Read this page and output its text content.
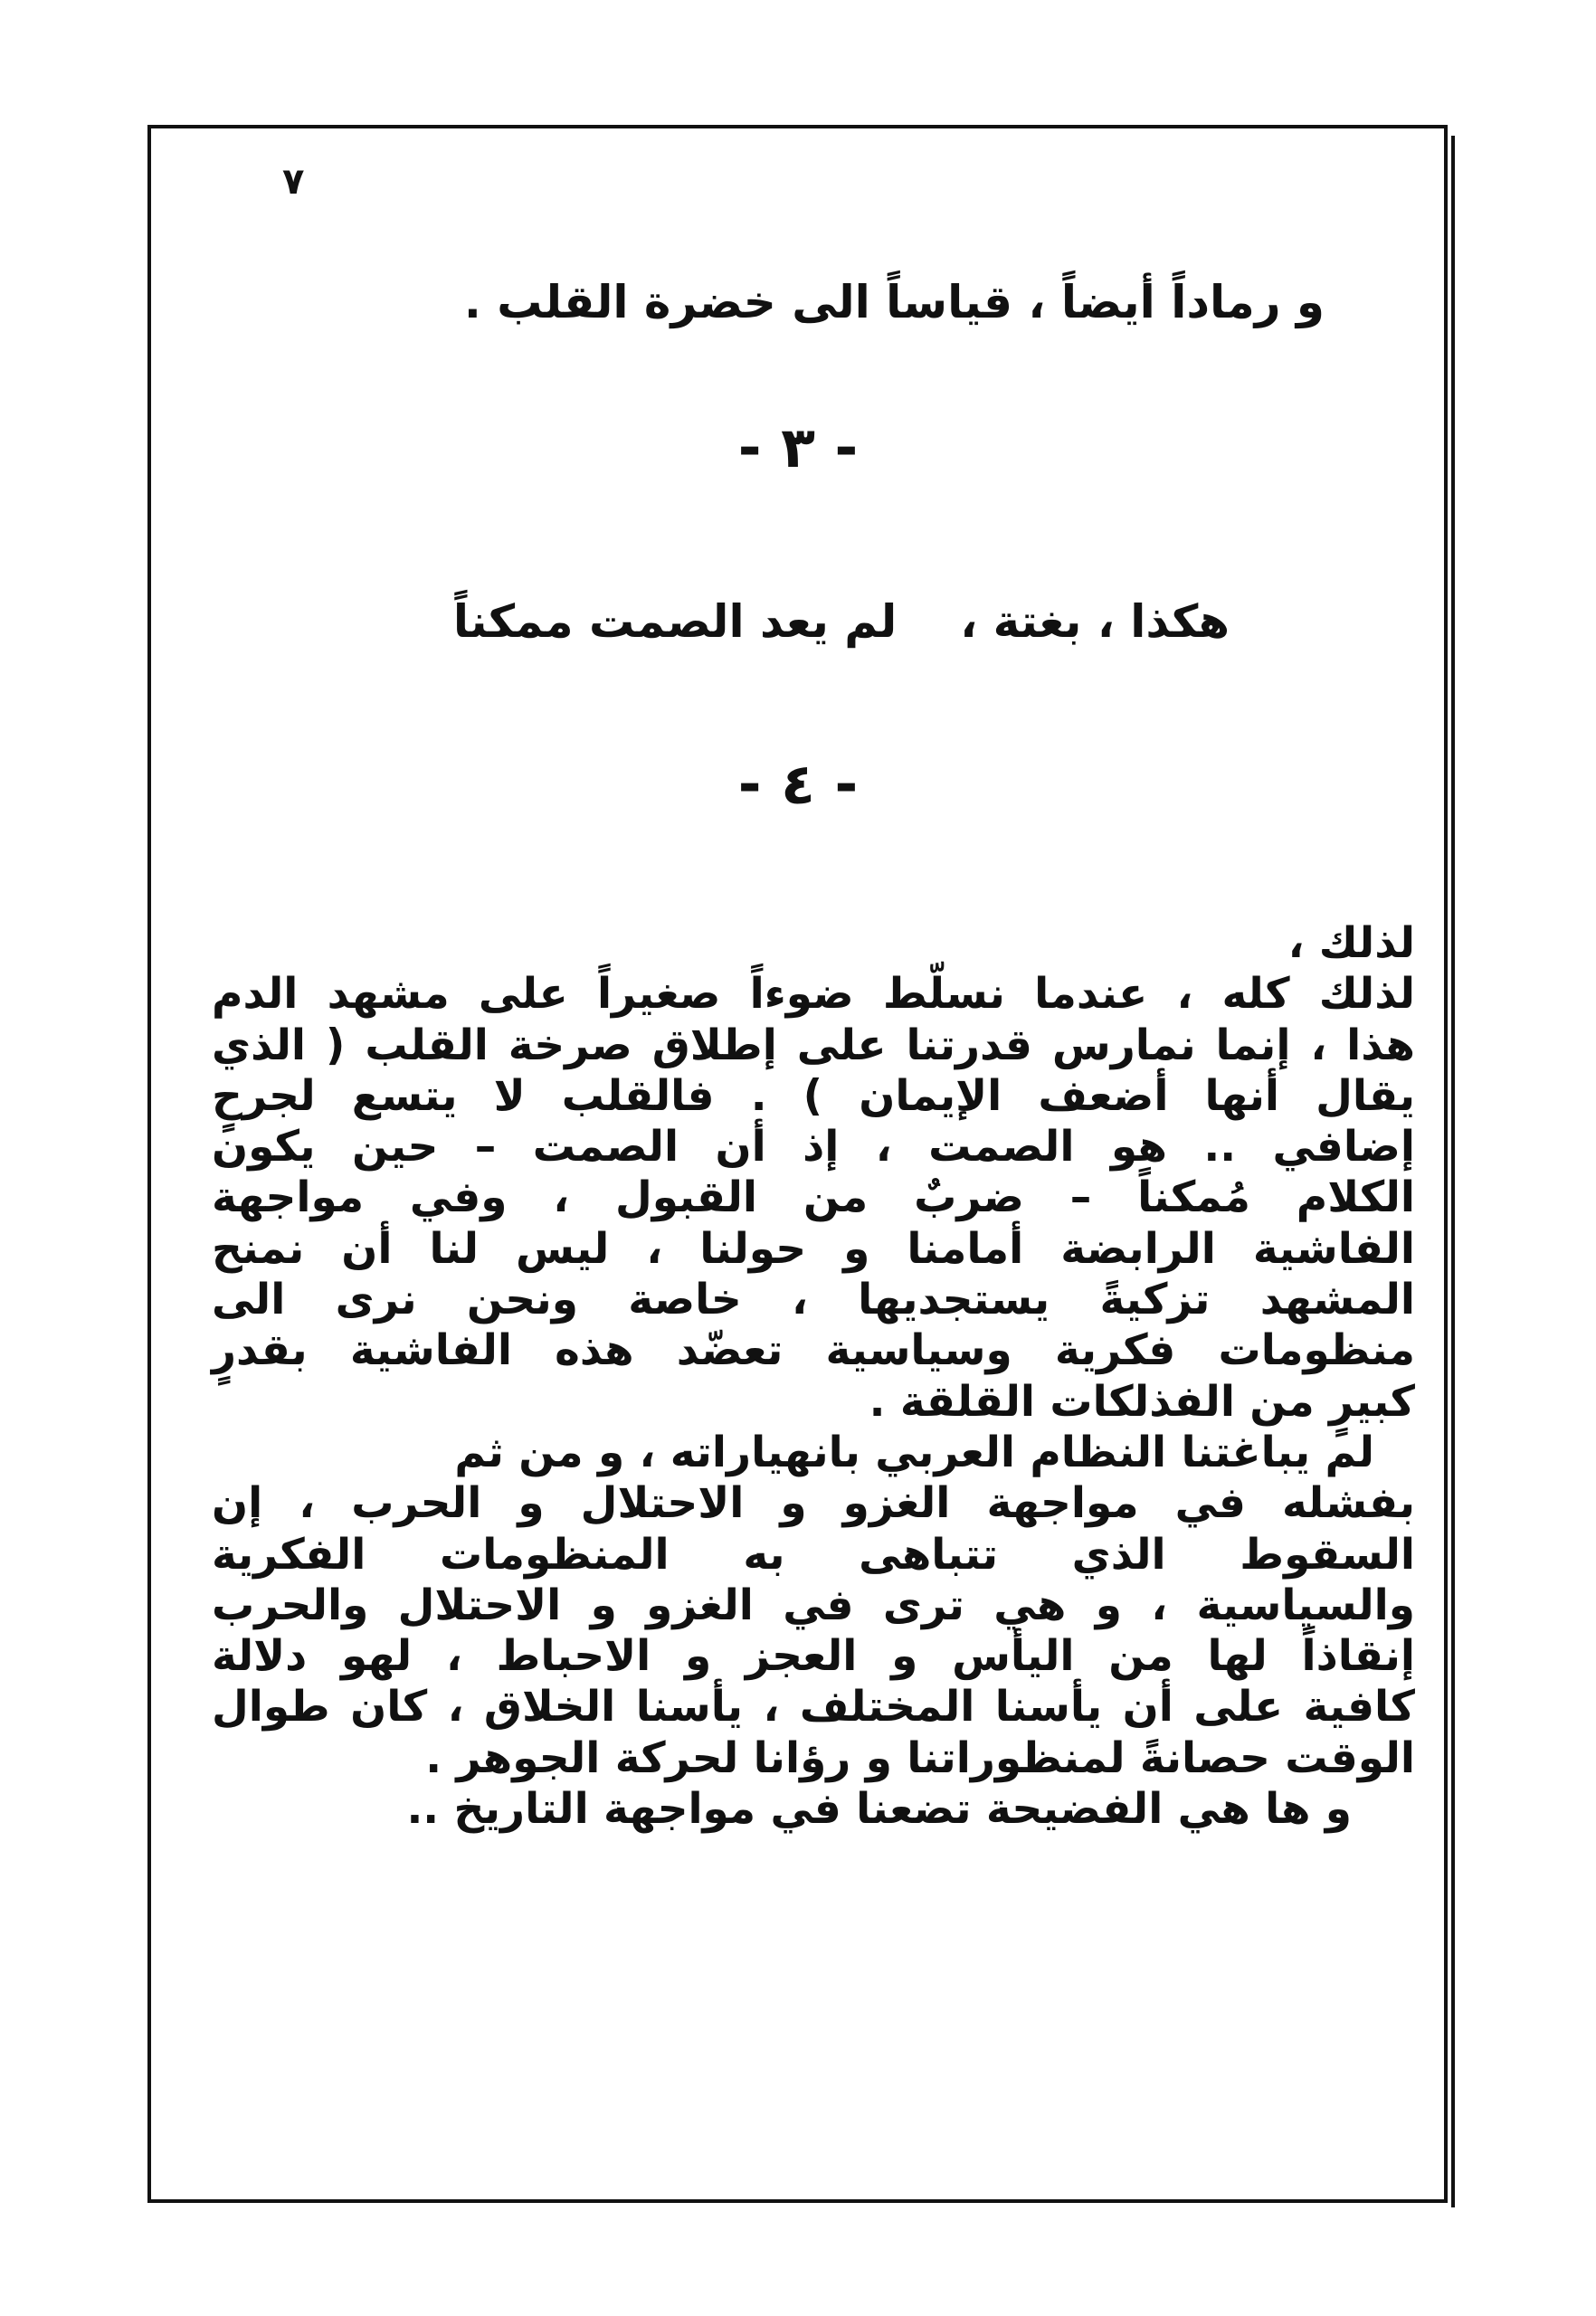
٧
و رماداً أيضاً ، قياساً الى خضرة القلب .
- ٣ -
هكذا ، بغتة ،لم يعد الصمت ممكناً
- ٤ -
لذلك ،
لذلك كله ، عندما نسلّط ضوءاً صغيراً على مشهد الدم
هذا ، إنما نمارس قدرتنا على إطلاق صرخة القلب ( الذي
يقال أنها أضعف الإيمان ) . فالقلب لا يتسع لجرحٍ
إضافي .. هو الصمت ، إذ أن الصمت – حين يكون
الكلام مُمكناً – ضربٌ من القبول ، وفي مواجهة
الفاشية الرابضة أمامنا و حولنا ، ليس لنا أن نمنح
المشهد تزكيةً يستجديها ، خاصة ونحن نرى الى
منظومات فكرية وسياسية تعضّد هذه الفاشية بقدرٍ
كبيرٍ من الفذلكات القلقة .
لم يباغتنا النظام العربي بانهياراته ، و من ثم
بفشله في مواجهة الغزو و الاحتلال و الحرب ، إن
السقوط الذي تتباهى به المنظومات الفكرية
والسياسية ، و هي ترى في الغزو و الاحتلال والحرب
إنقاذاً لها من اليأس و العجز و الاحباط ، لهو دلالة
كافية على أن يأسنا المختلف ، يأسنا الخلاق ، كان طوال
الوقت حصانةً لمنظوراتنا و رؤانا لحركة الجوهر .
و ها هي الفضيحة تضعنا في مواجهة التاريخ ..
